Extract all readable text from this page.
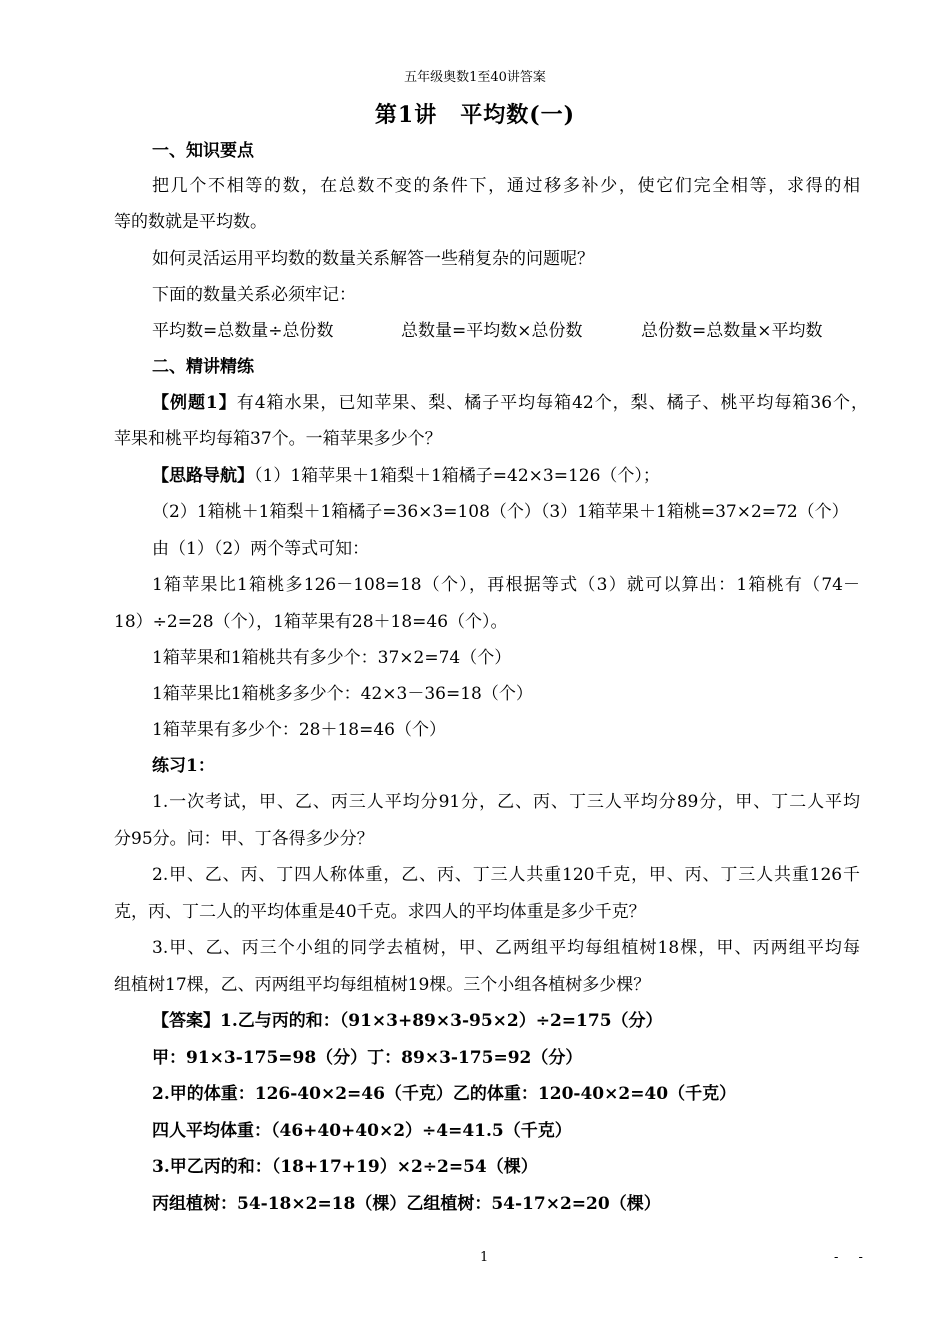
五年级奥数1至40讲答案
第1讲　平均数(一)
一、知识要点
把几个不相等的数，在总数不变的条件下，通过移多补少，使它们完全相等，求得的相
等的数就是平均数。
如何灵活运用平均数的数量关系解答一些稍复杂的问题呢？
下面的数量关系必须牢记：
平均数=总数量÷总份数	总数量=平均数×总份数	总份数=总数量×平均数
二、精讲精练
【例题1】有4箱水果，已知苹果、梨、橘子平均每箱42个，梨、橘子、桃平均每箱36个，
苹果和桃平均每箱37个。一箱苹果多少个？
【思路导航】（1）1箱苹果＋1箱梨＋1箱橘子=42×3=126（个）；
（2）1箱桃＋1箱梨＋1箱橘子=36×3=108（个）（3）1箱苹果＋1箱桃=37×2=72（个）
由（1）（2）两个等式可知：
1箱苹果比1箱桃多126－108=18（个），再根据等式（3）就可以算出：1箱桃有（74－
18）÷2=28（个），1箱苹果有28＋18=46（个）。
1箱苹果和1箱桃共有多少个：37×2=74（个）
1箱苹果比1箱桃多多少个：42×3－36=18（个）
1箱苹果有多少个：28＋18=46（个）
练习1：
1.一次考试，甲、乙、丙三人平均分91分，乙、丙、丁三人平均分89分，甲、丁二人平均
分95分。问：甲、丁各得多少分？
2.甲、乙、丙、丁四人称体重，乙、丙、丁三人共重120千克，甲、丙、丁三人共重126千
克，丙、丁二人的平均体重是40千克。求四人的平均体重是多少千克？
3.甲、乙、丙三个小组的同学去植树，甲、乙两组平均每组植树18棵，甲、丙两组平均每
组植树17棵，乙、丙两组平均每组植树19棵。三个小组各植树多少棵？
【答案】1.乙与丙的和：（91×3+89×3-95×2）÷2=175（分）
甲：91×3-175=98（分）丁：89×3-175=92（分）
2.甲的体重：126-40×2=46（千克）乙的体重：120-40×2=40（千克）
四人平均体重：（46+40+40×2）÷4=41.5（千克）
3.甲乙丙的和：（18+17+19）×2÷2=54（棵）
丙组植树：54-18×2=18（棵）乙组植树：54-17×2=20（棵）
1	- -
